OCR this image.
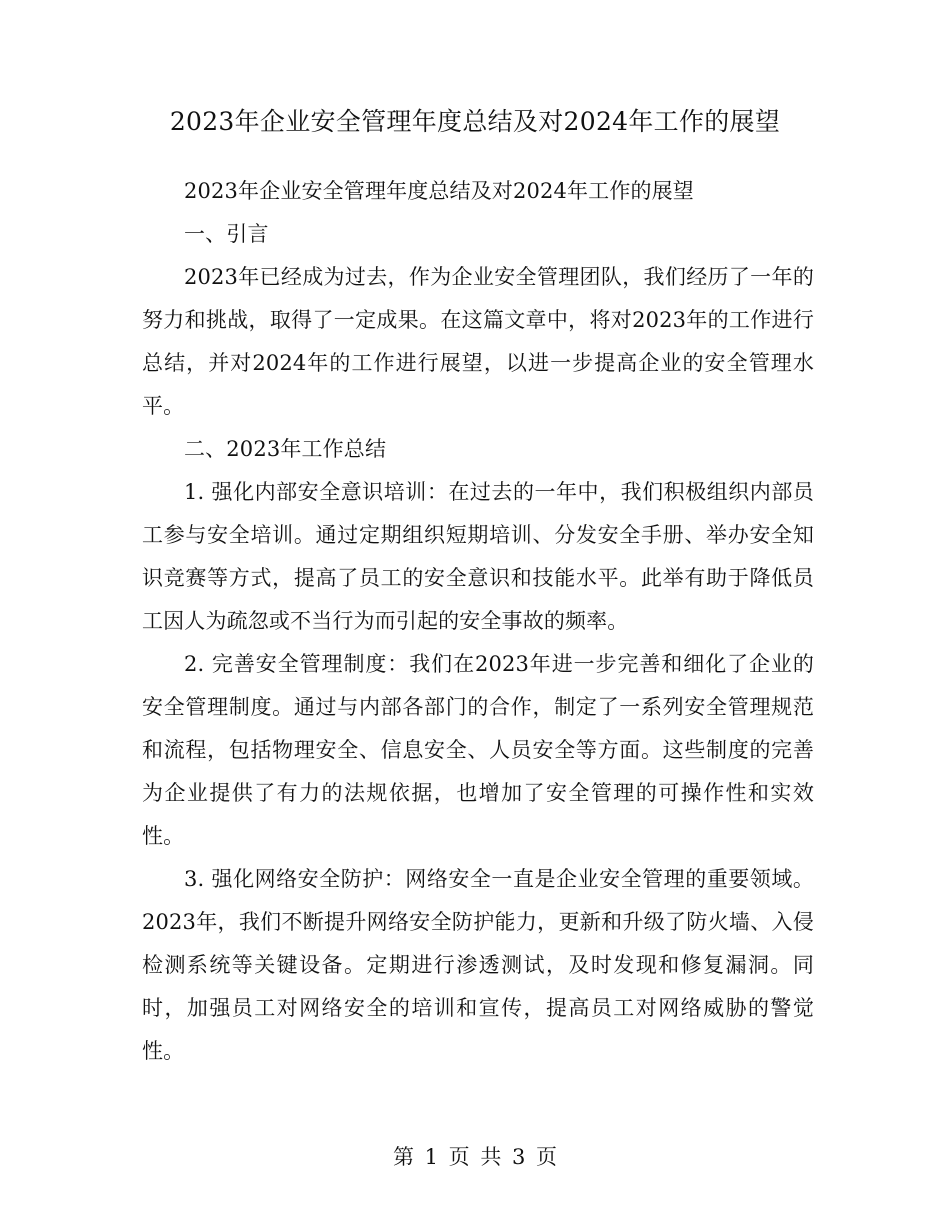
2023年企业安全管理年度总结及对2024年工作的展望

2023年企业安全管理年度总结及对2024年工作的展望

一、引言

2023年已经成为过去，作为企业安全管理团队，我们经历了一年的努力和挑战，取得了一定成果。在这篇文章中，将对2023年的工作进行总结，并对2024年的工作进行展望，以进一步提高企业的安全管理水平。

二、2023年工作总结

1. 强化内部安全意识培训：在过去的一年中，我们积极组织内部员工参与安全培训。通过定期组织短期培训、分发安全手册、举办安全知识竞赛等方式，提高了员工的安全意识和技能水平。此举有助于降低员工因人为疏忽或不当行为而引起的安全事故的频率。

2. 完善安全管理制度：我们在2023年进一步完善和细化了企业的安全管理制度。通过与内部各部门的合作，制定了一系列安全管理规范和流程，包括物理安全、信息安全、人员安全等方面。这些制度的完善为企业提供了有力的法规依据，也增加了安全管理的可操作性和实效性。

3. 强化网络安全防护：网络安全一直是企业安全管理的重要领域。2023年，我们不断提升网络安全防护能力，更新和升级了防火墙、入侵检测系统等关键设备。定期进行渗透测试，及时发现和修复漏洞。同时，加强员工对网络安全的培训和宣传，提高员工对网络威胁的警觉性。

第 1 页 共 3 页
